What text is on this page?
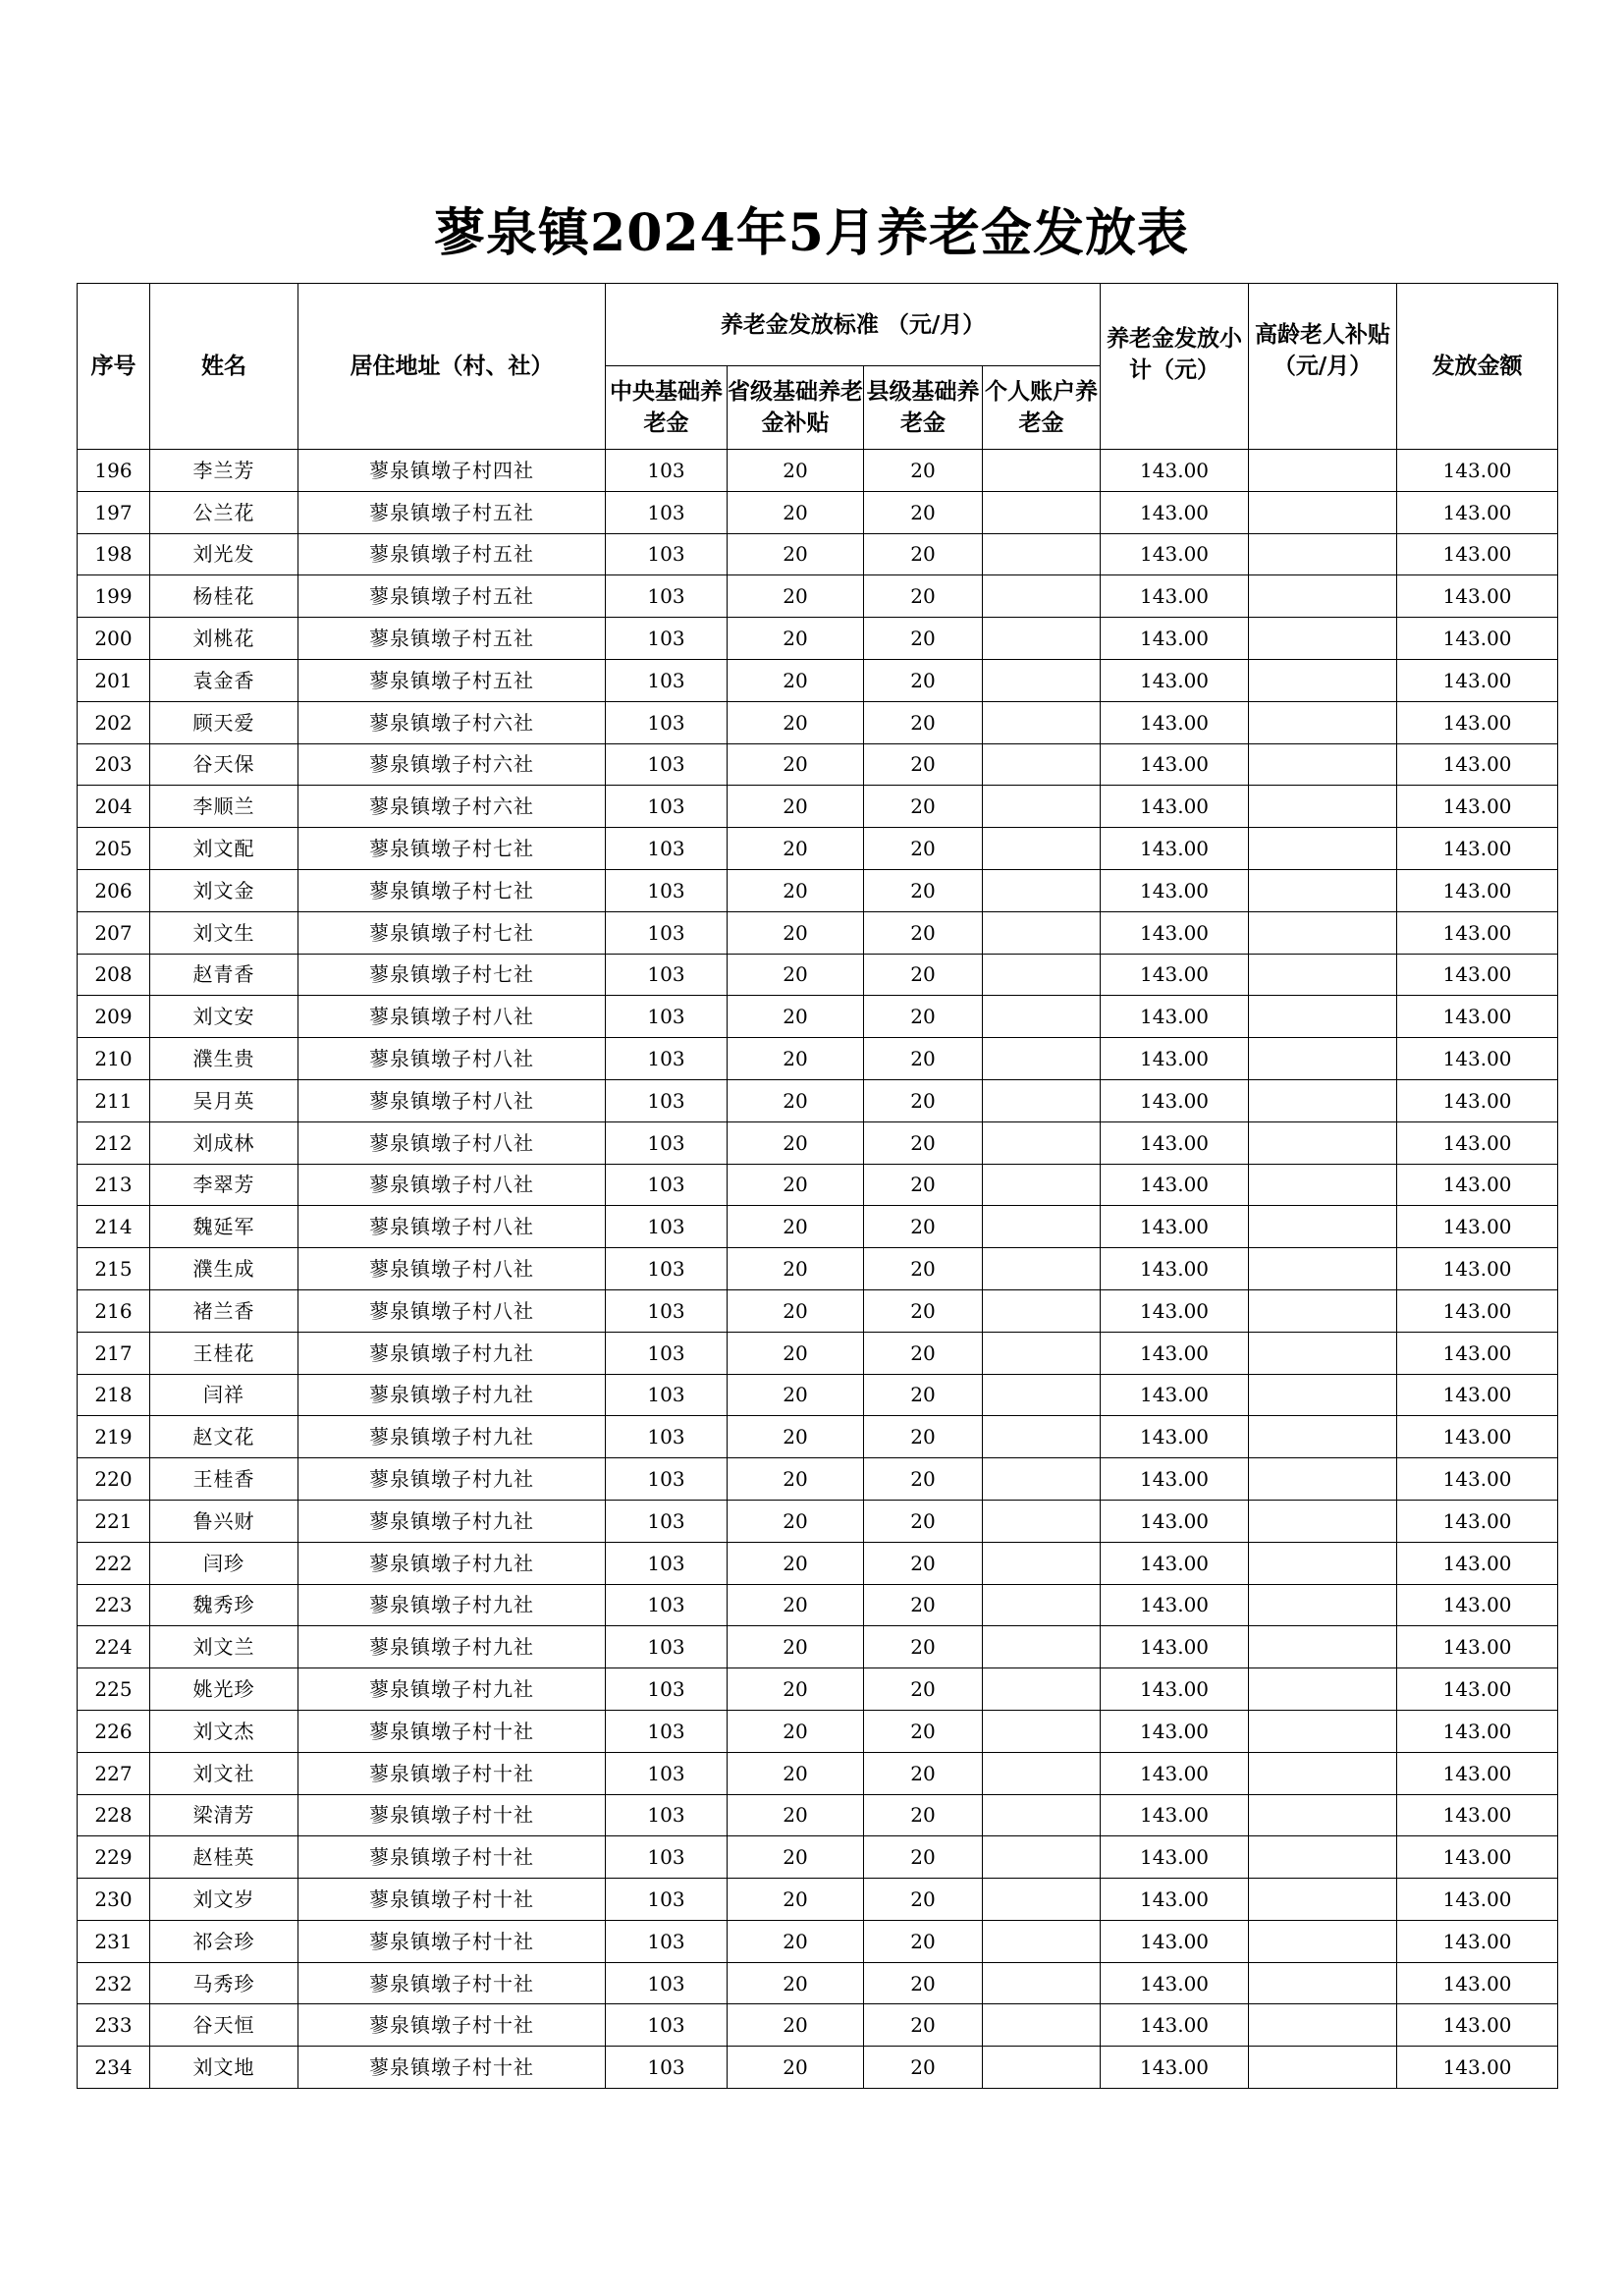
蓼泉镇2024年5月养老金发放表
序号	姓名	居住地址（村、社）	养老金发放标准 （元/月）				养老金发放小计（元）	高龄老人补贴（元/月）	发放金额
			中央基础养老金	省级基础养老金补贴	县级基础养老金	个人账户养老金			
196	李兰芳	蓼泉镇墩子村四社	103	20	20		143.00		143.00
197	公兰花	蓼泉镇墩子村五社	103	20	20		143.00		143.00
198	刘光发	蓼泉镇墩子村五社	103	20	20		143.00		143.00
199	杨桂花	蓼泉镇墩子村五社	103	20	20		143.00		143.00
200	刘桃花	蓼泉镇墩子村五社	103	20	20		143.00		143.00
201	袁金香	蓼泉镇墩子村五社	103	20	20		143.00		143.00
202	顾天爱	蓼泉镇墩子村六社	103	20	20		143.00		143.00
203	谷天保	蓼泉镇墩子村六社	103	20	20		143.00		143.00
204	李顺兰	蓼泉镇墩子村六社	103	20	20		143.00		143.00
205	刘文配	蓼泉镇墩子村七社	103	20	20		143.00		143.00
206	刘文金	蓼泉镇墩子村七社	103	20	20		143.00		143.00
207	刘文生	蓼泉镇墩子村七社	103	20	20		143.00		143.00
208	赵青香	蓼泉镇墩子村七社	103	20	20		143.00		143.00
209	刘文安	蓼泉镇墩子村八社	103	20	20		143.00		143.00
210	濮生贵	蓼泉镇墩子村八社	103	20	20		143.00		143.00
211	吴月英	蓼泉镇墩子村八社	103	20	20		143.00		143.00
212	刘成林	蓼泉镇墩子村八社	103	20	20		143.00		143.00
213	李翠芳	蓼泉镇墩子村八社	103	20	20		143.00		143.00
214	魏延军	蓼泉镇墩子村八社	103	20	20		143.00		143.00
215	濮生成	蓼泉镇墩子村八社	103	20	20		143.00		143.00
216	褚兰香	蓼泉镇墩子村八社	103	20	20		143.00		143.00
217	王桂花	蓼泉镇墩子村九社	103	20	20		143.00		143.00
218	闫祥	蓼泉镇墩子村九社	103	20	20		143.00		143.00
219	赵文花	蓼泉镇墩子村九社	103	20	20		143.00		143.00
220	王桂香	蓼泉镇墩子村九社	103	20	20		143.00		143.00
221	鲁兴财	蓼泉镇墩子村九社	103	20	20		143.00		143.00
222	闫珍	蓼泉镇墩子村九社	103	20	20		143.00		143.00
223	魏秀珍	蓼泉镇墩子村九社	103	20	20		143.00		143.00
224	刘文兰	蓼泉镇墩子村九社	103	20	20		143.00		143.00
225	姚光珍	蓼泉镇墩子村九社	103	20	20		143.00		143.00
226	刘文杰	蓼泉镇墩子村十社	103	20	20		143.00		143.00
227	刘文社	蓼泉镇墩子村十社	103	20	20		143.00		143.00
228	梁清芳	蓼泉镇墩子村十社	103	20	20		143.00		143.00
229	赵桂英	蓼泉镇墩子村十社	103	20	20		143.00		143.00
230	刘文岁	蓼泉镇墩子村十社	103	20	20		143.00		143.00
231	祁会珍	蓼泉镇墩子村十社	103	20	20		143.00		143.00
232	马秀珍	蓼泉镇墩子村十社	103	20	20		143.00		143.00
233	谷天恒	蓼泉镇墩子村十社	103	20	20		143.00		143.00
234	刘文地	蓼泉镇墩子村十社	103	20	20		143.00		143.00
